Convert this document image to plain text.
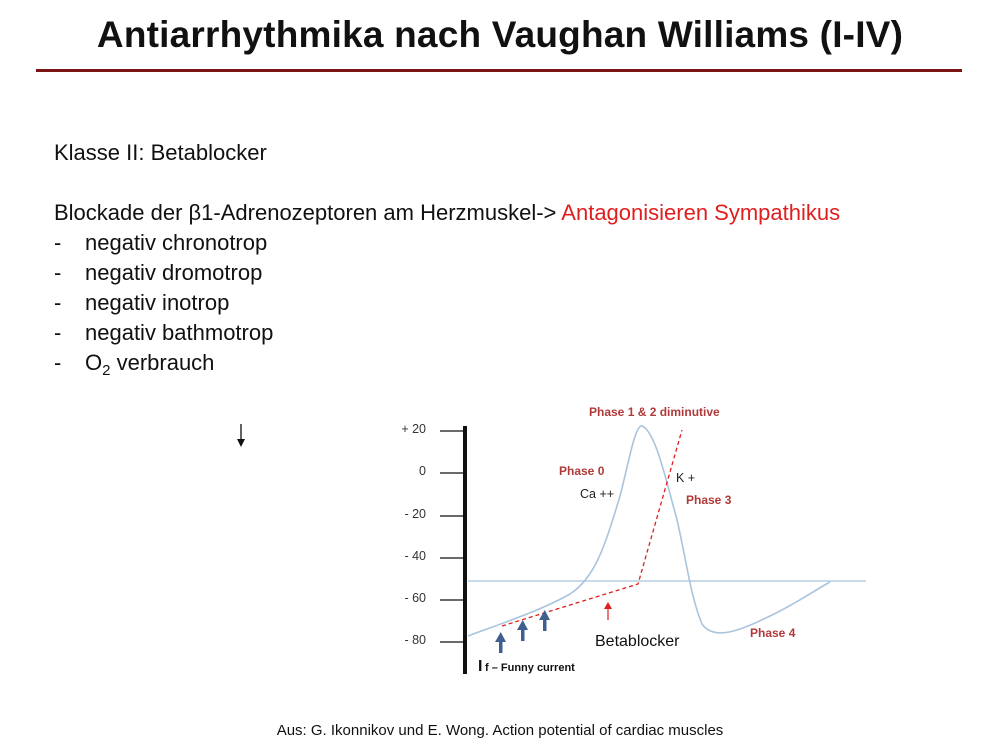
Antiarrhythmika nach Vaughan Williams (I-IV)
Klasse II: Betablocker
Blockade der β1-Adrenozeptoren am Herzmuskel-> Antagonisieren Sympathikus
- negativ chronotrop
- negativ dromotrop
- negativ inotrop
- negativ bathmotrop
- $O_2$ verbrauch
+ 20
0
- 20
- 40
- 60
- 80
Phase 1 & 2 diminutive
Phase 0
Phase 3
Phase 4
Ca ++
K +
Betablocker
I f – Funny current
Aus: G. Ikonnikov und E. Wong. Action potential of cardiac muscles
